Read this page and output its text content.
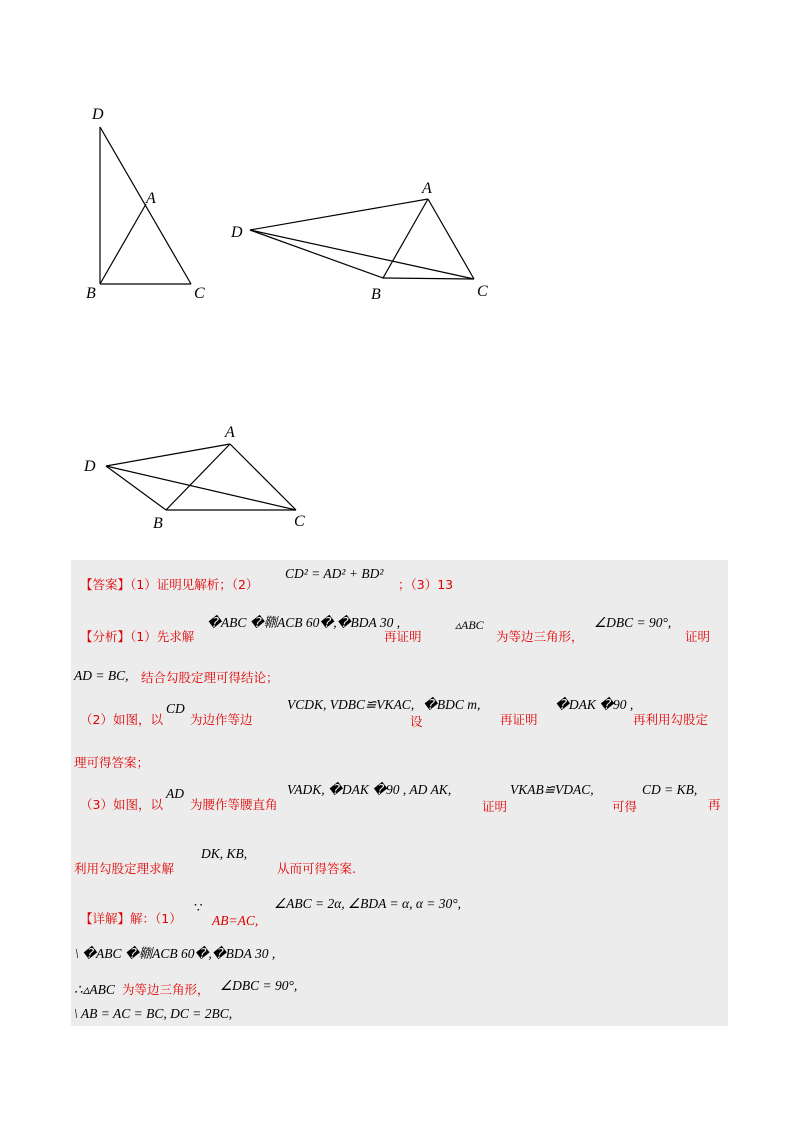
D
A
B	C
D
A
B	C
D
A
B	C
【答案】（1）证明见解析；（2）
CD² = AD² + BD²
；（3）13
【分析】（1）先求解
�ABC �鞩ACB 60�,�BDA 30 ,
再证明
▵ABC
为等边三角形，
∠DBC = 90°,
证明
AD = BC, 结合勾股定理可得结论；
（2）如图，以
CD
为边作等边
VCDK, VDBC≌VKAC,
设
�BDC m,
再证明
�DAK �90 ,
再利用勾股定
理可得答案；
（3）如图，以
AD
为腰作等腰直角
VADK, �DAK �90 , AD AK,
证明
VKAB≌VDAC,
可得
CD = KB,
再
利用勾股定理求解
DK, KB,
从而可得答案.
【详解】解：（1）
∵	∠ABC = 2α, ∠BDA = α, α = 30°,
AB=AC,
\ �ABC �鞩ACB 60�,�BDA 30 ,
∴▵ABC 为等边三角形， ∠DBC = 90°,
\ AB = AC = BC, DC = 2BC,
